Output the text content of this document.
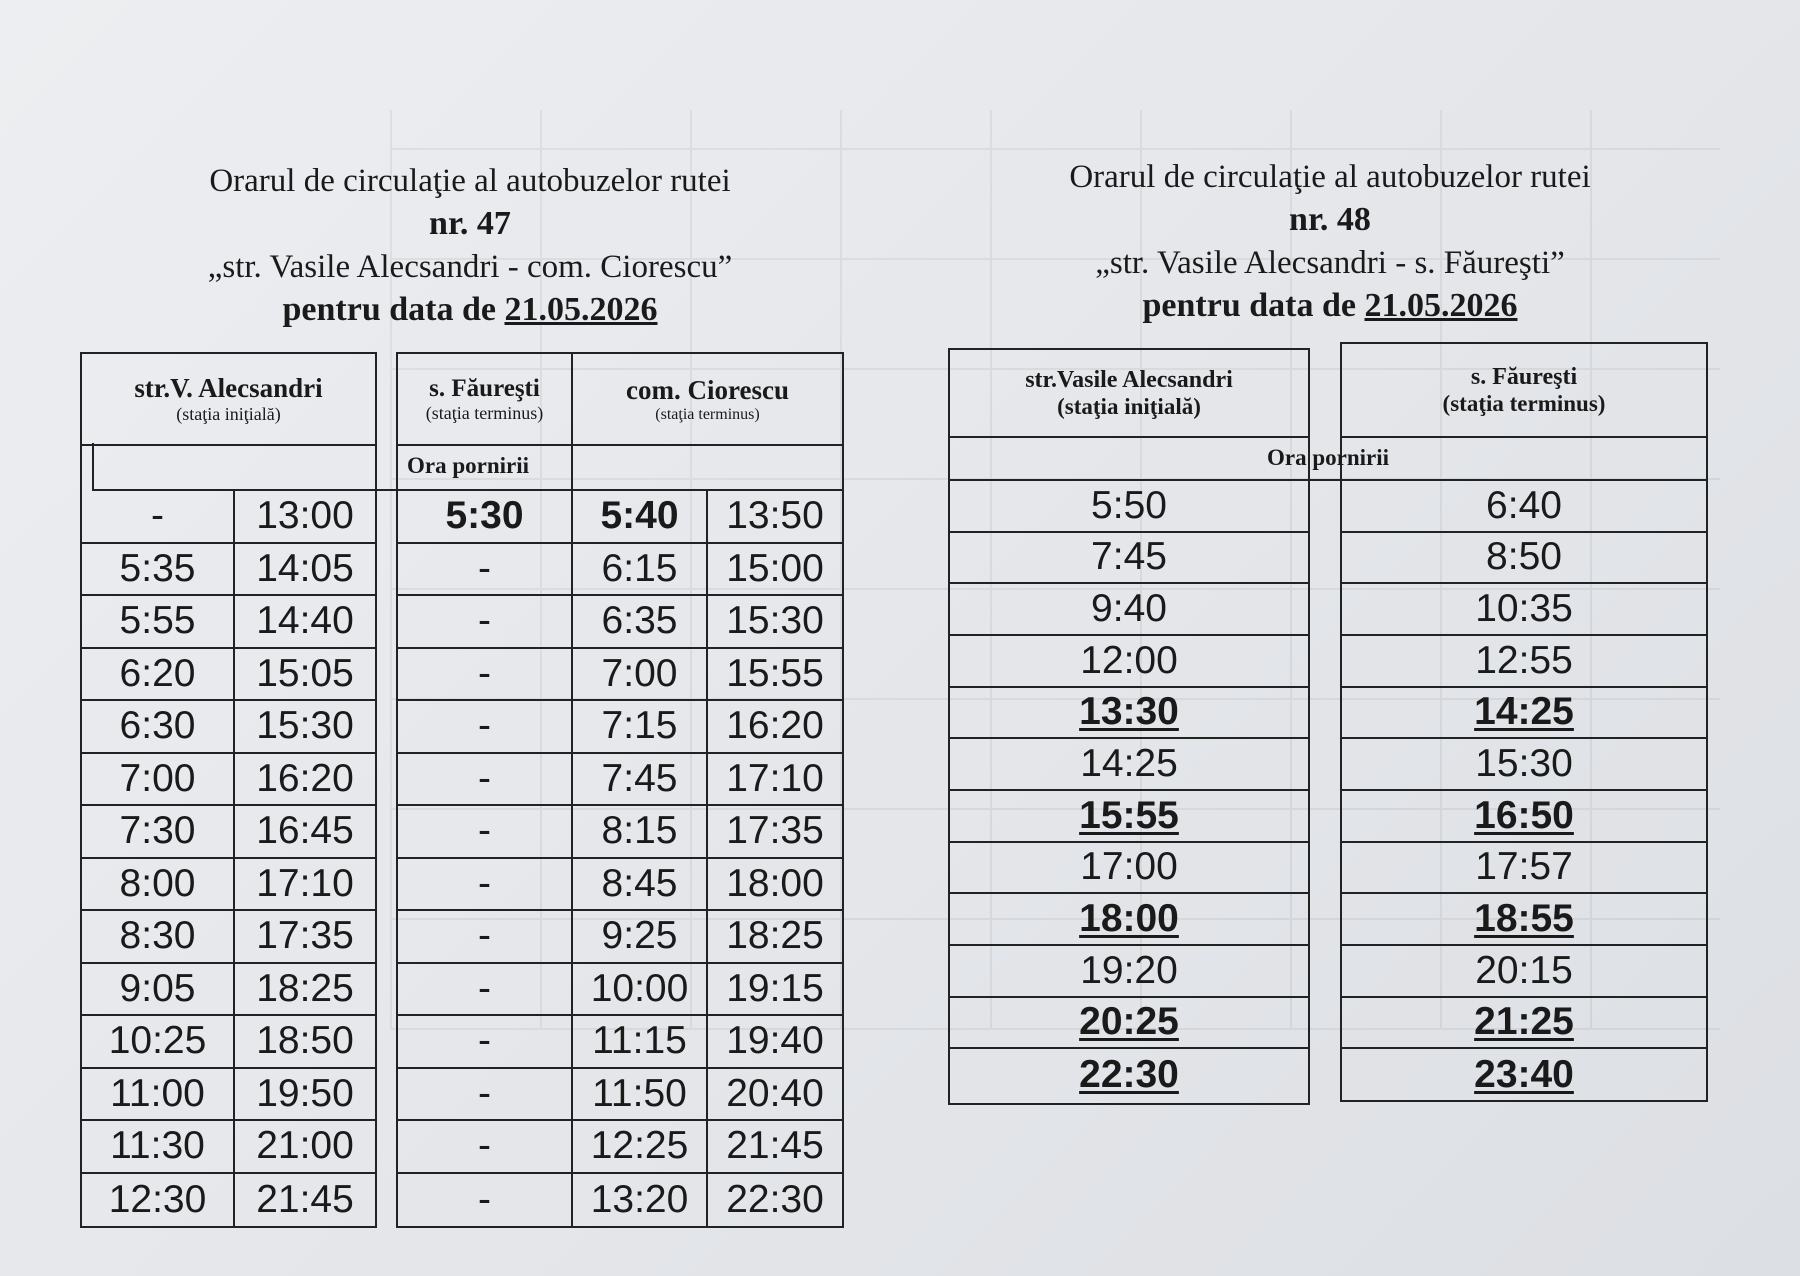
Orarul de circulaţie al autobuzelor rutei
nr. 47
„str. Vasile Alecsandri - com. Ciorescu”
pentru data de 21.05.2026
Orarul de circulaţie al autobuzelor rutei
nr. 48
„str. Vasile Alecsandri - s. Făureşti”
pentru data de 21.05.2026
str.V. Alecsandri
(staţia iniţială)
s. Făureşti
(staţia terminus)
com. Ciorescu
(staţia terminus)
Ora pornirii
-
5:35
5:55
6:20
6:30
7:00
7:30
8:00
8:30
9:05
10:25
11:00
11:30
12:30
13:00
14:05
14:40
15:05
15:30
16:20
16:45
17:10
17:35
18:25
18:50
19:50
21:00
21:45
5:30
-
-
-
-
-
-
-
-
-
-
-
-
-
5:40
6:15
6:35
7:00
7:15
7:45
8:15
8:45
9:25
10:00
11:15
11:50
12:25
13:20
13:50
15:00
15:30
15:55
16:20
17:10
17:35
18:00
18:25
19:15
19:40
20:40
21:45
22:30
str.Vasile Alecsandri
(staţia iniţială)
s. Făureşti
(staţia terminus)
Ora pornirii
5:50
7:45
9:40
12:00
13:30
14:25
15:55
17:00
18:00
19:20
20:25
22:30
6:40
8:50
10:35
12:55
14:25
15:30
16:50
17:57
18:55
20:15
21:25
23:40
